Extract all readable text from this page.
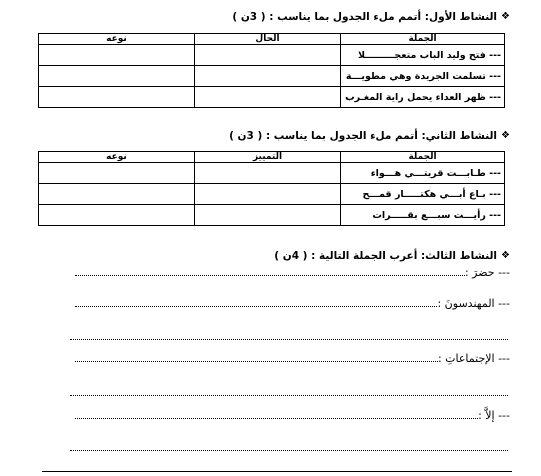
❖
النشاط الأول: أتمم ملء الجدول بما يناسب : ( 3ن )
الجملة	الحال	نوعه
--- فتح وليد الباب متعجـــــــــلا		
--- تسلمت الجريدة وهي مطويـــة		
--- ظهر العداء يحمل راية المغـرب		
❖
النشاط الثاني: أتمم ملء الجدول بما يناسب : ( 3ن )
الجملة	التمييز	نوعه
--- طـابـــت قريتـــي هـــواء		
--- بـاع أبـــي هكتـــــار قمـــح		
--- رأيـــت سبـــع بقـــــرات		
❖
النشاط الثالث: أعرب الجملة التالية : ( 4ن )
--- حضرَ :
--- المهندسونَ :
--- الإجتماعاتِ :
--- إلاَّ :
